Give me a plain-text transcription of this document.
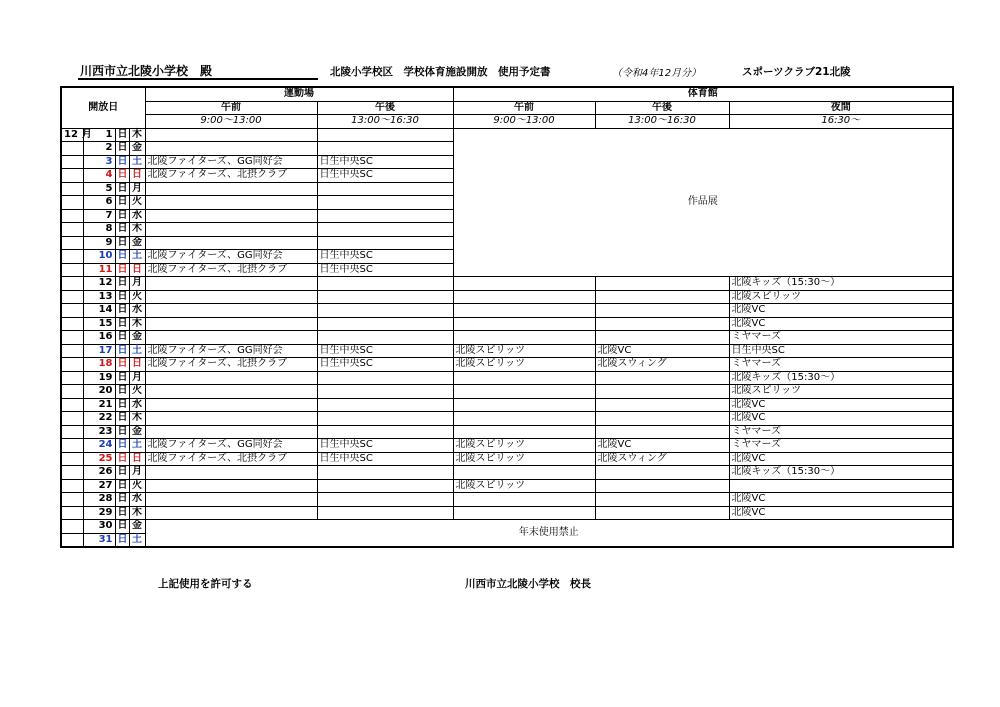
川西市立北陵小学校　殿	北陵小学校区　学校体育施設開放　使用予定書	（令和4年12月分）	スポーツクラブ21北陵
開放日				運動場		体育館		
				午前	午後	午前	午後	夜間
				9:00～13:00	13:00～16:30	9:00～13:00	13:00～16:30	16:30～
12 月	1	日	木			作品展		
	2	日	金					
	3	日	土	北陵ファイターズ、GG同好会	日生中央SC			
	4	日	日	北陵ファイターズ、北摂クラブ	日生中央SC			
	5	日	月					
	6	日	火					
	7	日	水					
	8	日	木					
	9	日	金					
	10	日	土	北陵ファイターズ、GG同好会	日生中央SC			
	11	日	日	北陵ファイターズ、北摂クラブ	日生中央SC			
	12	日	月					北陵キッズ（15:30～）
	13	日	火					北陵スピリッツ
	14	日	水					北陵VC
	15	日	木					北陵VC
	16	日	金					ミヤマーズ
	17	日	土	北陵ファイターズ、GG同好会	日生中央SC	北陵スピリッツ	北陵VC	日生中央SC
	18	日	日	北陵ファイターズ、北摂クラブ	日生中央SC	北陵スピリッツ	北陵スウィング	ミヤマーズ
	19	日	月					北陵キッズ（15:30～）
	20	日	火					北陵スピリッツ
	21	日	水					北陵VC
	22	日	木					北陵VC
	23	日	金					ミヤマーズ
	24	日	土	北陵ファイターズ、GG同好会	日生中央SC	北陵スピリッツ	北陵VC	ミヤマーズ
	25	日	日	北陵ファイターズ、北摂クラブ	日生中央SC	北陵スピリッツ	北陵スウィング	北陵VC
	26	日	月					北陵キッズ（15:30～）
	27	日	火			北陵スピリッツ		
	28	日	水					北陵VC
	29	日	木					北陵VC
	30	日	金	年末使用禁止				
	31	日	土					
上記使用を許可する	川西市立北陵小学校　校長
